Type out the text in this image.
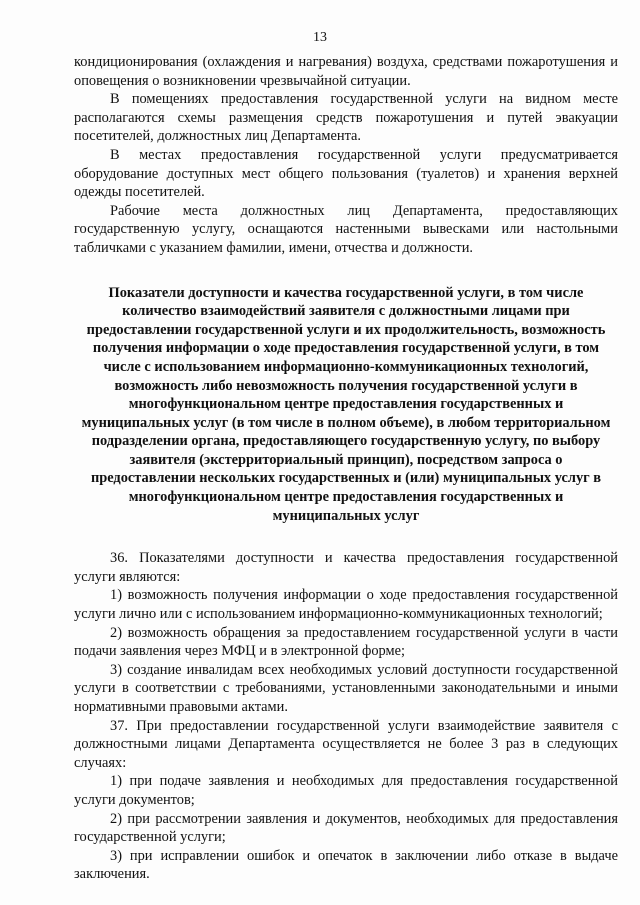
13

кондиционирования (охлаждения и нагревания) воздуха, средствами пожаротушения и оповещения о возникновении чрезвычайной ситуации.

В помещениях предоставления государственной услуги на видном месте располагаются схемы размещения средств пожаротушения и путей эвакуации посетителей, должностных лиц Департамента.

В местах предоставления государственной услуги предусматривается оборудование доступных мест общего пользования (туалетов) и хранения верхней одежды посетителей.

Рабочие места должностных лиц Департамента, предоставляющих государственную услугу, оснащаются настенными вывесками или настольными табличками с указанием фамилии, имени, отчества и должности.

Показатели доступности и качества государственной услуги, в том числе количество взаимодействий заявителя с должностными лицами при предоставлении государственной услуги и их продолжительность, возможность получения информации о ходе предоставления государственной услуги, в том числе с использованием информационно-коммуникационных технологий, возможность либо невозможность получения государственной услуги в многофункциональном центре предоставления государственных и муниципальных услуг (в том числе в полном объеме), в любом территориальном подразделении органа, предоставляющего государственную услугу, по выбору заявителя (экстерриториальный принцип), посредством запроса о предоставлении нескольких государственных и (или) муниципальных услуг в многофункциональном центре предоставления государственных и муниципальных услуг

36. Показателями доступности и качества предоставления государственной услуги являются:

1) возможность получения информации о ходе предоставления государственной услуги лично или с использованием информационно-коммуникационных технологий;

2) возможность обращения за предоставлением государственной услуги в части подачи заявления через МФЦ и в электронной форме;

3) создание инвалидам всех необходимых условий доступности государственной услуги в соответствии с требованиями, установленными законодательными и иными нормативными правовыми актами.

37. При предоставлении государственной услуги взаимодействие заявителя с должностными лицами Департамента осуществляется не более 3 раз в следующих случаях:

1) при подаче заявления и необходимых для предоставления государственной услуги документов;

2) при рассмотрении заявления и документов, необходимых для предоставления государственной услуги;

3) при исправлении ошибок и опечаток в заключении либо отказе в выдаче заключения.
